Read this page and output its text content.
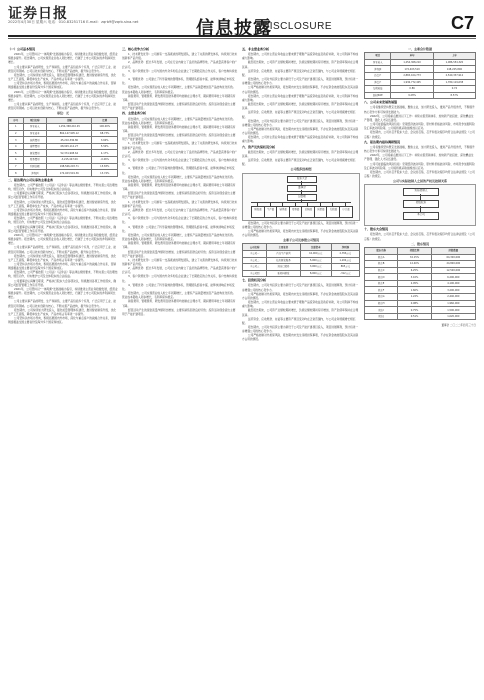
证券日报
2022年4月30日 星期六 电话：010-83251716 E-mail：zqrb9@zqrb.sina.net	信息披露
DISCLOSURE	C7

（一）公司基本情况

2021年，公司坚持以“一体两翼”发展战略为指引，持续推进主营业务稳健发展，经营业绩稳步提升。报告期内，公司实现营业总收入同比增长，归属于上市公司股东的净利润同比增长。

公司主要从事产品的研发、生产和销售，主要产品包括多个系列，广泛应用于工业、能源及民用领域。公司以技术创新为核心，不断完善产品结构，提升综合竞争力。

报告期内，公司持续加大研发投入，强化质量管理体系建设，推进智能制造升级，优化生产工艺流程，降低单位生产成本，产品市场占有率进一步提升。

公司坚持以市场为导向，积极拓展国内外市场，深化与重点客户的战略合作关系，营销网络覆盖全国主要省份及海外多个国家和地区。

2021年，公司坚持以“一体两翼”发展战略为指引，持续推进主营业务稳健发展，经营业绩稳步提升。报告期内，公司实现营业总收入同比增长，归属于上市公司股东的净利润同比增长。

公司主要从事产品的研发、生产和销售，主要产品包括多个系列，广泛应用于工业、能源及民用领域。公司以技术创新为核心，不断完善产品结构，提升综合竞争力。

单位：元
序号	项目名称	金额	比例
1	营业收入	1,254,368,210.45	100.00%
2	营业成本	862,147,905.12	68.73%
3	销售费用	45,210,336.80	3.60%
4	管理费用	68,945,112.27	5.50%
5	研发费用	52,331,908.64	4.17%
6	财务费用	-3,215,447.09	-0.26%
7	利润总额	198,566,203.71	15.83%
8	净利润	172,403,519.36	13.74%

二、报告期内公司从事的主要业务

报告期内，公司严格按照《公司法》《证券法》等法律法规的要求，不断完善公司治理结构，规范运作，切实维护公司及全体股东的合法权益。

公司董事会认真履行职责，严格执行股东大会各项决议，积极推进各项工作的落实，确保公司经营管理工作有序开展。

报告期内，公司持续加大研发投入，强化质量管理体系建设，推进智能制造升级，优化生产工艺流程，降低单位生产成本，产品市场占有率进一步提升。

公司坚持以市场为导向，积极拓展国内外市场，深化与重点客户的战略合作关系，营销网络覆盖全国主要省份及海外多个国家和地区。

报告期内，公司严格按照《公司法》《证券法》等法律法规的要求，不断完善公司治理结构，规范运作，切实维护公司及全体股东的合法权益。

公司董事会认真履行职责，严格执行股东大会各项决议，积极推进各项工作的落实，确保公司经营管理工作有序开展。

2021年，公司坚持以“一体两翼”发展战略为指引，持续推进主营业务稳健发展，经营业绩稳步提升。报告期内，公司实现营业总收入同比增长，归属于上市公司股东的净利润同比增长。

公司主要从事产品的研发、生产和销售，主要产品包括多个系列，广泛应用于工业、能源及民用领域。公司以技术创新为核心，不断完善产品结构，提升综合竞争力。

报告期内，公司持续加大研发投入，强化质量管理体系建设，推进智能制造升级，优化生产工艺流程，降低单位生产成本，产品市场占有率进一步提升。

公司坚持以市场为导向，积极拓展国内外市场，深化与重点客户的战略合作关系，营销网络覆盖全国主要省份及海外多个国家和地区。

报告期内，公司严格按照《公司法》《证券法》等法律法规的要求，不断完善公司治理结构，规范运作，切实维护公司及全体股东的合法权益。

公司董事会认真履行职责，严格执行股东大会各项决议，积极推进各项工作的落实，确保公司经营管理工作有序开展。

2021年，公司坚持以“一体两翼”发展战略为指引，持续推进主营业务稳健发展，经营业绩稳步提升。报告期内，公司实现营业总收入同比增长，归属于上市公司股东的净利润同比增长。

公司主要从事产品的研发、生产和销售，主要产品包括多个系列，广泛应用于工业、能源及民用领域。公司以技术创新为核心，不断完善产品结构，提升综合竞争力。

报告期内，公司持续加大研发投入，强化质量管理体系建设，推进智能制造升级，优化生产工艺流程，降低单位生产成本，产品市场占有率进一步提升。

公司坚持以市场为导向，积极拓展国内外市场，深化与重点客户的战略合作关系，营销网络覆盖全国主要省份及海外多个国家和地区。

三、核心竞争力分析

1、技术研发优势：公司拥有一支高素质的研发团队，建立了完善的研发体系，持续进行技术创新和产品升级。

2、品牌优势：经过多年发展，公司在行业内树立了良好的品牌形象，产品质量获得客户的广泛认可。

3、客户资源优势：公司与国内外众多知名企业建立了长期稳定的合作关系，客户结构持续优化。

4、管理优势：公司建立了科学高效的管理体系，管理团队经验丰富，能够快速响应市场变化。

报告期内，公司实现营业收入较上年同期增长，主要系产品销量增加及产品结构优化所致。营业成本随收入同步增长，毛利率保持稳定。

销售费用、管理费用、研发费用及财务费用均控制在合理水平，期间费用率较上年同期有所下降。

经营活动产生的现金流量净额同比增加，主要系销售回款良好所致；投资活动现金流出主要用于产能扩建项目。

四、主营业务分析

报告期内，公司实现营业收入较上年同期增长，主要系产品销量增加及产品结构优化所致。营业成本随收入同步增长，毛利率保持稳定。

销售费用、管理费用、研发费用及财务费用均控制在合理水平，期间费用率较上年同期有所下降。

经营活动产生的现金流量净额同比增加，主要系销售回款良好所致；投资活动现金流出主要用于产能扩建项目。

1、技术研发优势：公司拥有一支高素质的研发团队，建立了完善的研发体系，持续进行技术创新和产品升级。

2、品牌优势：经过多年发展，公司在行业内树立了良好的品牌形象，产品质量获得客户的广泛认可。

3、客户资源优势：公司与国内外众多知名企业建立了长期稳定的合作关系，客户结构持续优化。

4、管理优势：公司建立了科学高效的管理体系，管理团队经验丰富，能够快速响应市场变化。

报告期内，公司实现营业收入较上年同期增长，主要系产品销量增加及产品结构优化所致。营业成本随收入同步增长，毛利率保持稳定。

销售费用、管理费用、研发费用及财务费用均控制在合理水平，期间费用率较上年同期有所下降。

经营活动产生的现金流量净额同比增加，主要系销售回款良好所致；投资活动现金流出主要用于产能扩建项目。

1、技术研发优势：公司拥有一支高素质的研发团队，建立了完善的研发体系，持续进行技术创新和产品升级。

2、品牌优势：经过多年发展，公司在行业内树立了良好的品牌形象，产品质量获得客户的广泛认可。

3、客户资源优势：公司与国内外众多知名企业建立了长期稳定的合作关系，客户结构持续优化。

4、管理优势：公司建立了科学高效的管理体系，管理团队经验丰富，能够快速响应市场变化。

报告期内，公司实现营业收入较上年同期增长，主要系产品销量增加及产品结构优化所致。营业成本随收入同步增长，毛利率保持稳定。

销售费用、管理费用、研发费用及财务费用均控制在合理水平，期间费用率较上年同期有所下降。

经营活动产生的现金流量净额同比增加，主要系销售回款良好所致；投资活动现金流出主要用于产能扩建项目。

1、技术研发优势：公司拥有一支高素质的研发团队，建立了完善的研发体系，持续进行技术创新和产品升级。

2、品牌优势：经过多年发展，公司在行业内树立了良好的品牌形象，产品质量获得客户的广泛认可。

3、客户资源优势：公司与国内外众多知名企业建立了长期稳定的合作关系，客户结构持续优化。

4、管理优势：公司建立了科学高效的管理体系，管理团队经验丰富，能够快速响应市场变化。

报告期内，公司实现营业收入较上年同期增长，主要系产品销量增加及产品结构优化所致。营业成本随收入同步增长，毛利率保持稳定。

销售费用、管理费用、研发费用及财务费用均控制在合理水平，期间费用率较上年同期有所下降。

经营活动产生的现金流量净额同比增加，主要系销售回款良好所致；投资活动现金流出主要用于产能扩建项目。

五、非主营业务分析

报告期内，公司非主营业务收益主要来源于理财产品投资收益及政府补助，对公司利润不构成重大影响。

截至报告期末，公司资产总额较期初增长，负债总额较期初有所增加，资产负债率保持在合理区间。

货币资金、应收账款、存货等主要资产项目变动均在正常范围内，与公司业务规模增长相匹配。

报告期内，公司对外投资主要为新设子公司及产能扩建项目投入，项目进展顺利，预计将进一步增强公司的核心竞争力。

公司严格控制对外担保风险，报告期内未发生违规担保事项，不存在资金被控股股东及其关联方占用的情况。

报告期内，公司非主营业务收益主要来源于理财产品投资收益及政府补助，对公司利润不构成重大影响。

截至报告期末，公司资产总额较期初增长，负债总额较期初有所增加，资产负债率保持在合理区间。

货币资金、应收账款、存货等主要资产项目变动均在正常范围内，与公司业务规模增长相匹配。

报告期内，公司对外投资主要为新设子公司及产能扩建项目投入，项目进展顺利，预计将进一步增强公司的核心竞争力。

公司严格控制对外担保风险，报告期内未发生违规担保事项，不存在资金被控股股东及其关联方占用的情况。

报告期内，公司非主营业务收益主要来源于理财产品投资收益及政府补助，对公司利润不构成重大影响。

六、资产及负债状况分析

截至报告期末，公司资产总额较期初增长，负债总额较期初有所增加，资产负债率保持在合理区间。

货币资金、应收账款、存货等主要资产项目变动均在正常范围内，与公司业务规模增长相匹配。

公司组织结构图
股东大会
董事会
总经理
研发部	生产部	销售部	财务部	采购部	质量部	行政部	审计部

报告期内，公司对外投资主要为新设子公司及产能扩建项目投入，项目进展顺利，预计将进一步增强公司的核心竞争力。

公司严格控制对外担保风险，报告期内未发生违规担保事项，不存在资金被控股股东及其关联方占用的情况。

主要子公司及参股公司情况
公司名称	主要业务	注册资本	净利润
子公司一	产品生产销售	10,000万元	2,356万元
子公司二	技术研发服务	5,000万元	1,204万元
子公司三	进出口贸易	3,000万元	865万元
子公司四	新材料研发	8,000万元	-312万元

七、投资状况分析

报告期内，公司对外投资主要为新设子公司及产能扩建项目投入，项目进展顺利，预计将进一步增强公司的核心竞争力。

公司严格控制对外担保风险，报告期内未发生违规担保事项，不存在资金被控股股东及其关联方占用的情况。

报告期内，公司非主营业务收益主要来源于理财产品投资收益及政府补助，对公司利润不构成重大影响。

截至报告期末，公司资产总额较期初增长，负债总额较期初有所增加，资产负债率保持在合理区间。

货币资金、应收账款、存货等主要资产项目变动均在正常范围内，与公司业务规模增长相匹配。

报告期内，公司对外投资主要为新设子公司及产能扩建项目投入，项目进展顺利，预计将进一步增强公司的核心竞争力。

公司严格控制对外担保风险，报告期内未发生违规担保事项，不存在资金被控股股东及其关联方占用的情况。

一、主要会计数据
项目	本年	上年
营业收入	1,254,368,210	1,086,554,320
净利润	172,403,519	148,225,806
总资产	2,865,104,773	2,540,337,912
净资产	1,936,772,405	1,780,119,638
每股收益	0.86	0.74
加权ROE	9.28%	8.57%

八、公司未来发展的展望

公司将继续坚持既定发展战略，聚焦主业，加大研发投入，推进产品升级迭代，不断提升核心竞争力和可持续发展能力。

2022年，公司将重点推进以下工作：持续完善营销体系、加快新产能投放、深化精益生产管理、强化人才队伍建设。

公司可能面临的风险包括：宏观经济波动风险、原材料价格波动风险、市场竞争加剧风险及汇率波动风险等，公司将积极采取措施加以应对。

报告期内，公司共召开股东大会，会议的召集、召开和表决程序均符合法律法规及《公司章程》的规定。

九、报告期内接待调研情况

公司将继续坚持既定发展战略，聚焦主业，加大研发投入，推进产品升级迭代，不断提升核心竞争力和可持续发展能力。

2022年，公司将重点推进以下工作：持续完善营销体系、加快新产能投放、深化精益生产管理、强化人才队伍建设。

公司可能面临的风险包括：宏观经济波动风险、原材料价格波动风险、市场竞争加剧风险及汇率波动风险等，公司将积极采取措施加以应对。

报告期内，公司共召开股东大会，会议的召集、召开和表决程序均符合法律法规及《公司章程》的规定。

公司与实际控制人之间的产权及控制关系
实际控制人
控股股东
本公司

十、股东大会情况

报告期内，公司共召开股东大会，会议的召集、召开和表决程序均符合法律法规及《公司章程》的规定。

二、股东情况
股东名称	持股比例	持股数量
股东A	32.15%	64,300,000
股东B	12.40%	24,800,000
股东C	6.25%	12,500,000
股东D	3.10%	6,200,000
股东E	2.05%	4,100,000
股东F	1.60%	3,200,000
股东G	1.22%	2,440,000
股东H	0.98%	1,960,000
股东I	0.75%	1,500,000
股东J	0.51%	1,020,000

董事会 二〇二二年四月三十日
